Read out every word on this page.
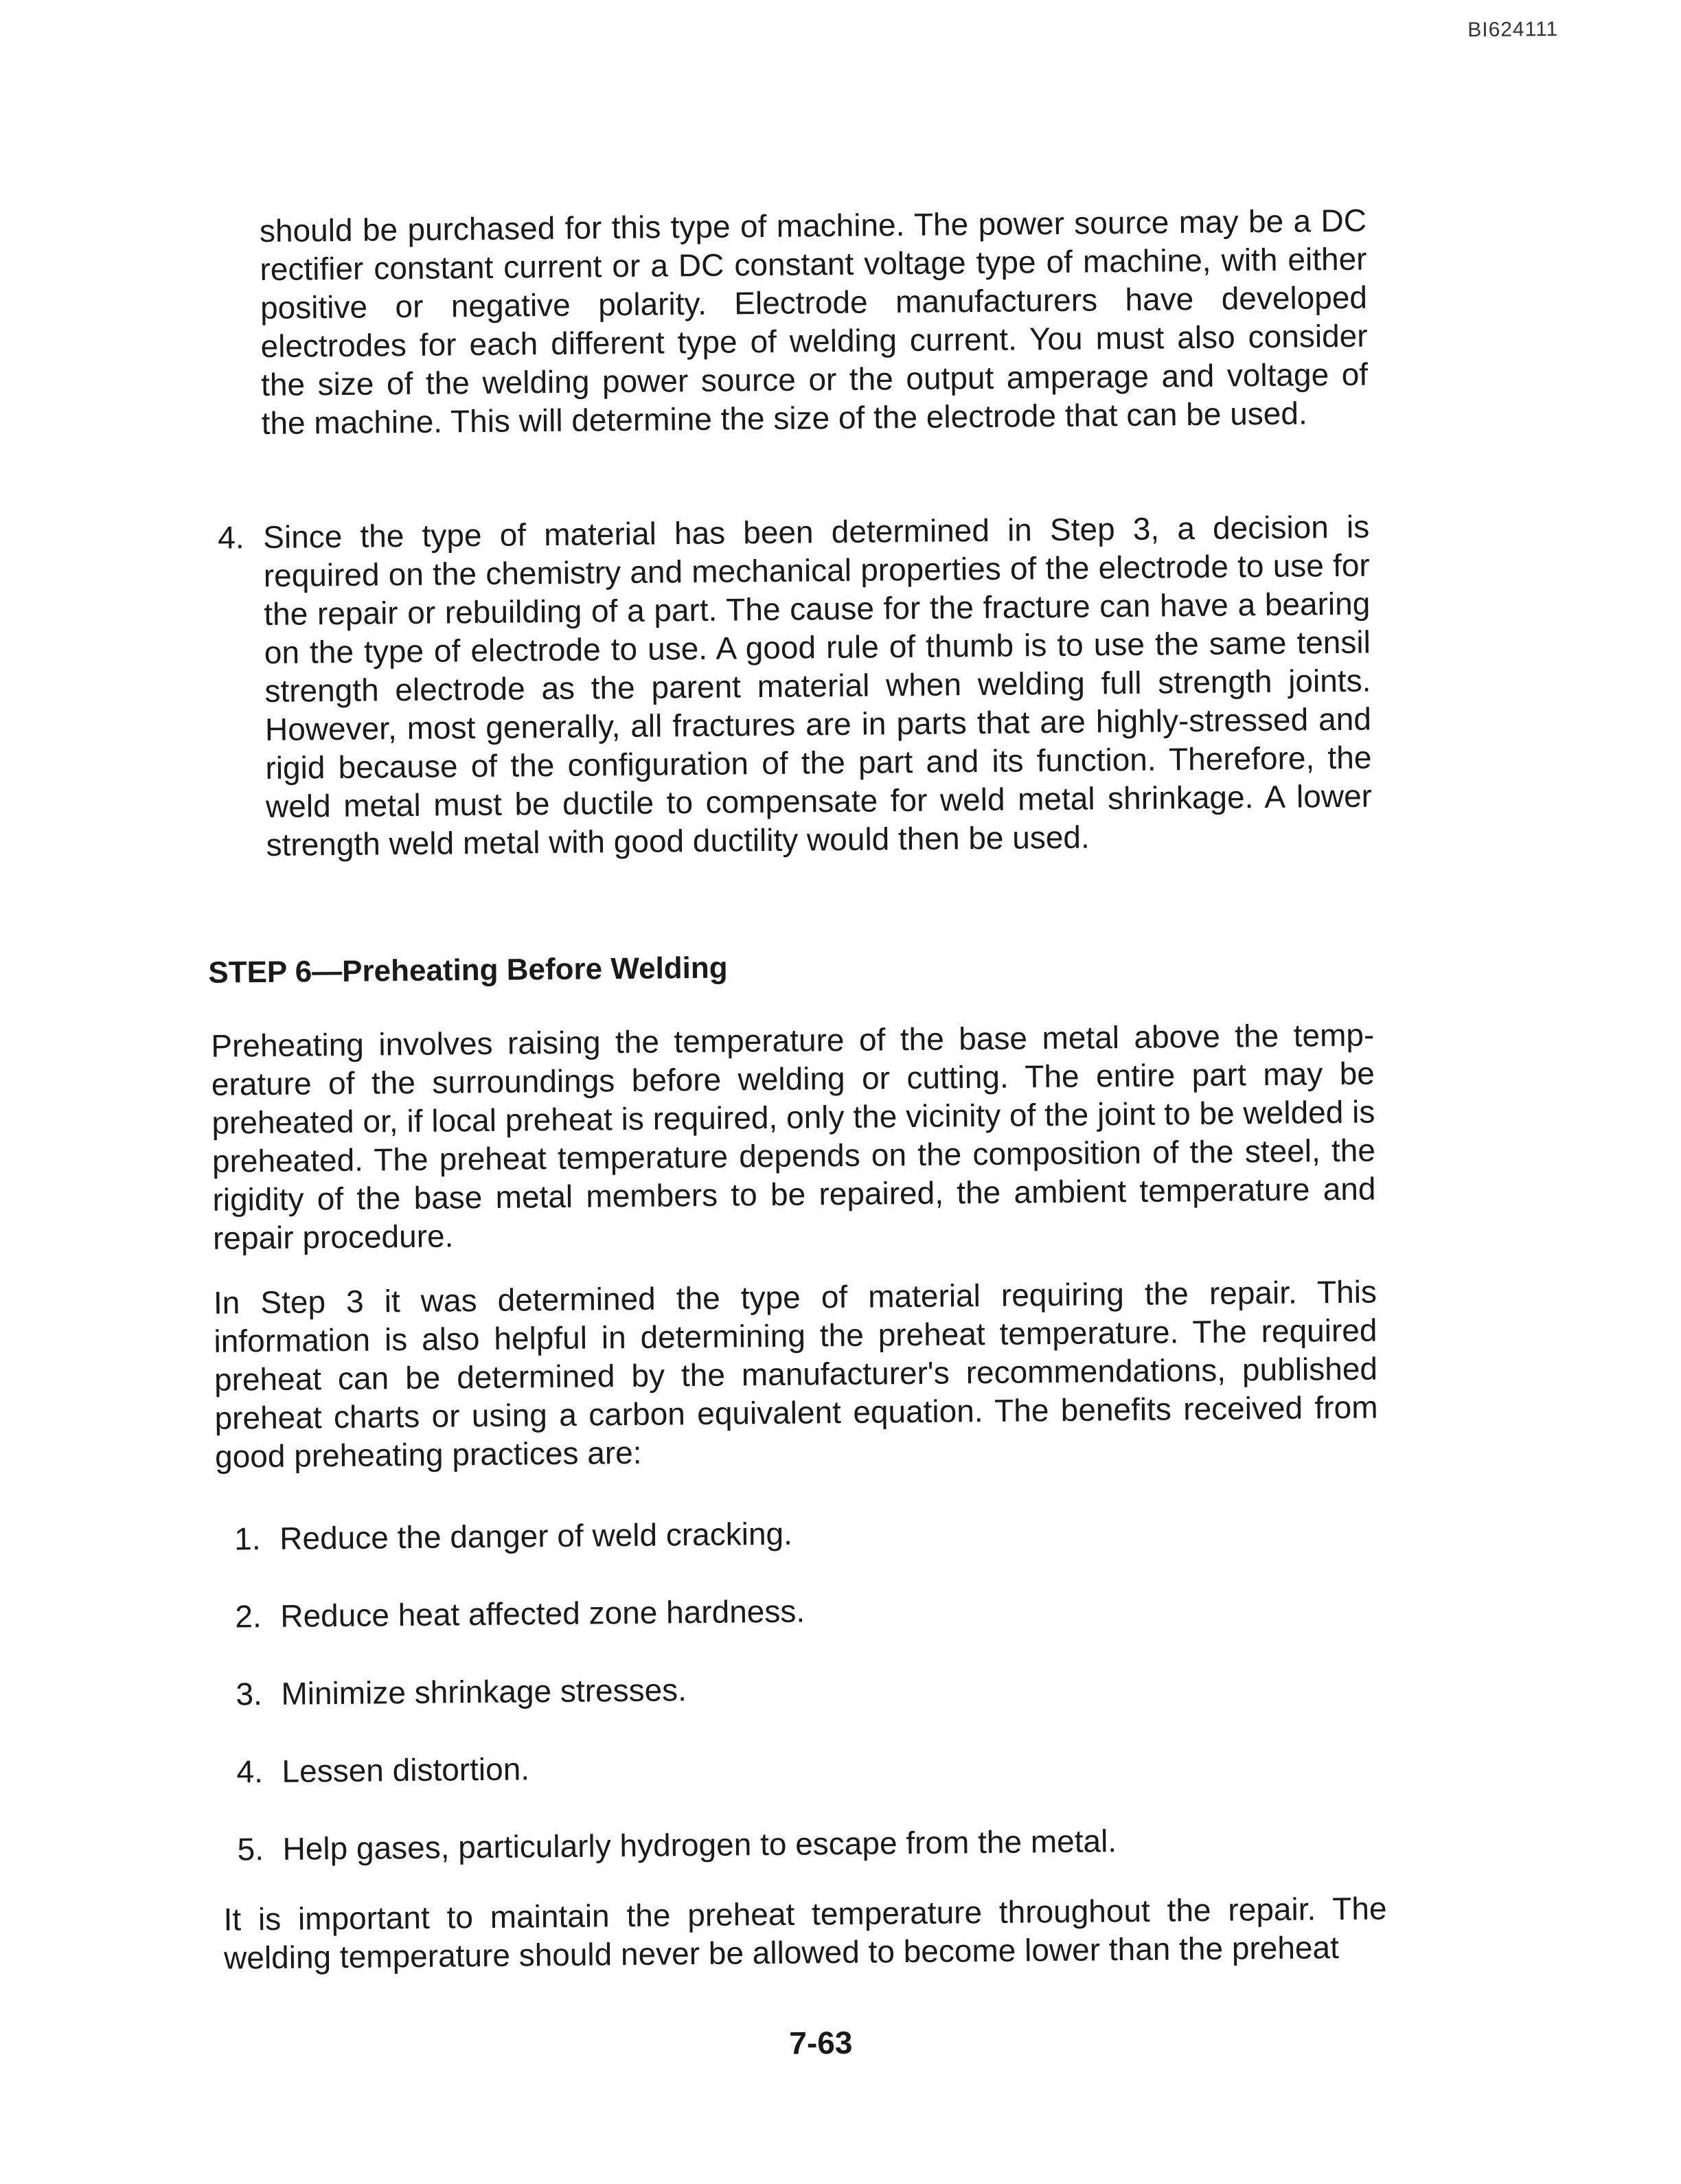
BI624111

should be purchased for this type of machine. The power source may be a DC rectifier constant current or a DC constant voltage type of machine, with either positive or negative polarity. Electrode manufacturers have developed electrodes for each different type of welding current. You must also consider the size of the welding power source or the output amperage and voltage of the machine. This will determine the size of the electrode that can be used.

4. Since the type of material has been determined in Step 3, a decision is required on the chemistry and mechanical properties of the electrode to use for the repair or rebuilding of a part. The cause for the fracture can have a bearing on the type of electrode to use. A good rule of thumb is to use the same tensil strength electrode as the parent material when welding full strength joints. However, most generally, all fractures are in parts that are highly-stressed and rigid because of the configuration of the part and its function. Therefore, the weld metal must be ductile to compensate for weld metal shrinkage. A lower strength weld metal with good ductility would then be used.

STEP 6—Preheating Before Welding

Preheating involves raising the temperature of the base metal above the temp-erature of the surroundings before welding or cutting. The entire part may be preheated or, if local preheat is required, only the vicinity of the joint to be welded is preheated. The preheat temperature depends on the composition of the steel, the rigidity of the base metal members to be repaired, the ambient temperature and repair procedure.

In Step 3 it was determined the type of material requiring the repair. This information is also helpful in determining the preheat temperature. The required preheat can be determined by the manufacturer's recommendations, published preheat charts or using a carbon equivalent equation. The benefits received from good preheating practices are:

1. Reduce the danger of weld cracking.
2. Reduce heat affected zone hardness.
3. Minimize shrinkage stresses.
4. Lessen distortion.
5. Help gases, particularly hydrogen to escape from the metal.

It is important to maintain the preheat temperature throughout the repair. The welding temperature should never be allowed to become lower than the preheat

7-63
